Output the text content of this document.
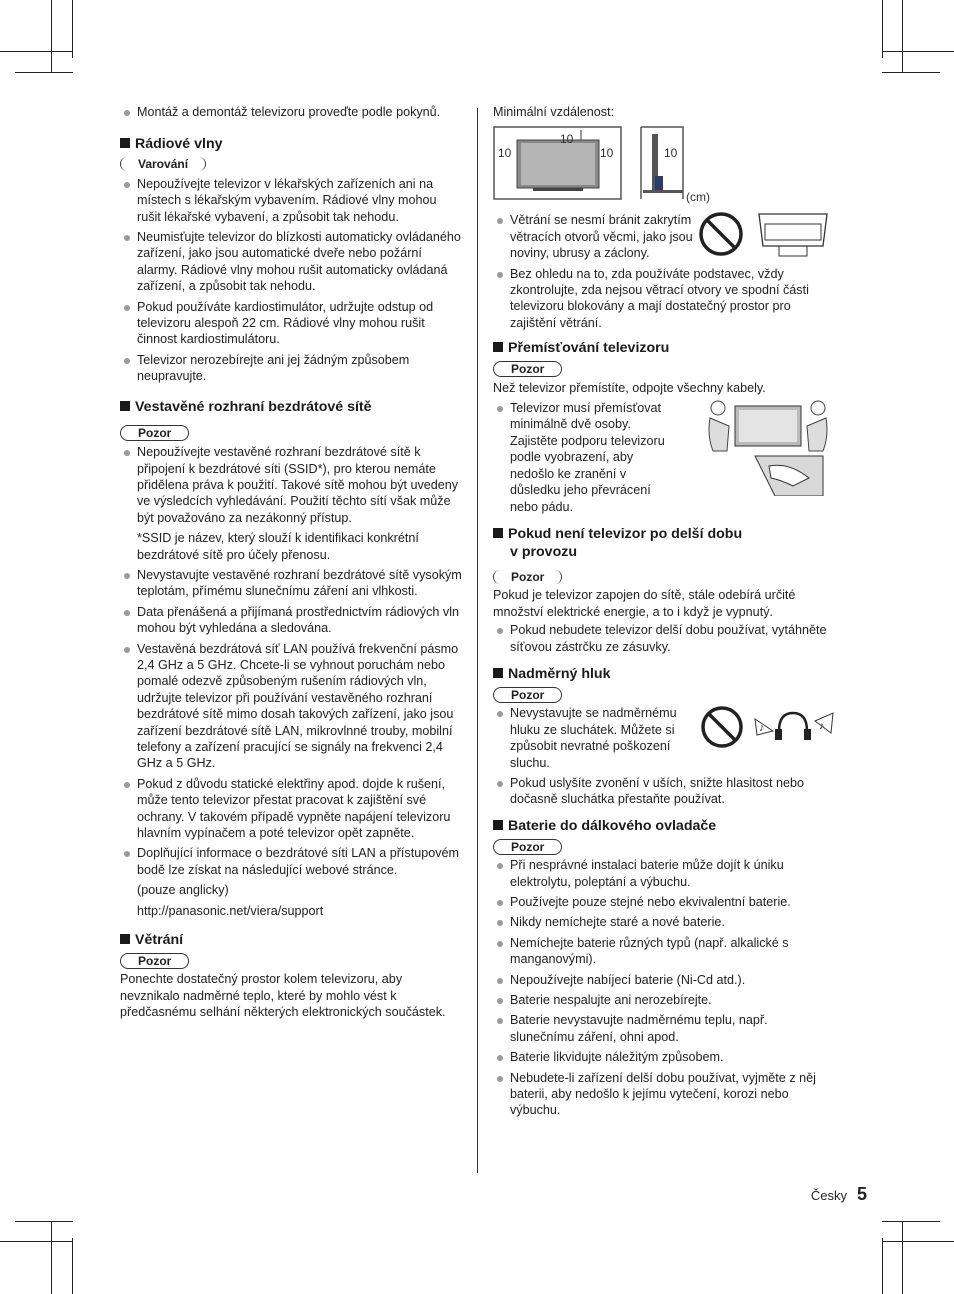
Montáž a demontáž televizoru proveďte podle pokynů.
Rádiové vlny
Varování
Nepoužívejte televizor v lékařských zařízeních ani na místech s lékařským vybavením. Rádiové vlny mohou rušit lékařské vybavení, a způsobit tak nehodu.
Neumisťujte televizor do blízkosti automaticky ovládaného zařízení, jako jsou automatické dveře nebo požární alarmy. Rádiové vlny mohou rušit automaticky ovládaná zařízení, a způsobit tak nehodu.
Pokud používáte kardiostimulátor, udržujte odstup od televizoru alespoň 22 cm. Rádiové vlny mohou rušit činnost kardiostimulátoru.
Televizor nerozebírejte ani jej žádným způsobem neupravujte.
Vestavěné rozhraní bezdrátové sítě
Pozor
Nepoužívejte vestavěné rozhraní bezdrátové sítě k připojení k bezdrátové síti (SSID*), pro kterou nemáte přidělena práva k použití. Takové sítě mohou být uvedeny ve výsledcích vyhledávání. Použití těchto sítí však může být považováno za nezákonný přístup.

*SSID je název, který slouží k identifikaci konkrétní bezdrátové sítě pro účely přenosu.

Nevystavujte vestavěné rozhraní bezdrátové sítě vysokým teplotám, přímému slunečnímu záření ani vlhkosti.
Data přenášená a přijímaná prostřednictvím rádiových vln mohou být vyhledána a sledována.
Vestavěná bezdrátová síť LAN používá frekvenční pásmo 2,4 GHz a 5 GHz. Chcete-li se vyhnout poruchám nebo pomalé odezvě způsobeným rušením rádiových vln, udržujte televizor při používání vestavěného rozhraní bezdrátové sítě mimo dosah takových zařízení, jako jsou zařízení bezdrátové sítě LAN, mikrovlnné trouby, mobilní telefony a zařízení pracující se signály na frekvenci 2,4 GHz a 5 GHz.
Pokud z důvodu statické elektřiny apod. dojde k rušení, může tento televizor přestat pracovat k zajištění své ochrany. V takovém případě vypněte napájení televizoru hlavním vypínačem a poté televizor opět zapněte.
Doplňující informace o bezdrátové síti LAN a přístupovém bodě lze získat na následující webové stránce.

(pouze anglicky)

http://panasonic.net/viera/support

Větrání
Pozor

Ponechte dostatečný prostor kolem televizoru, aby nevznikalo nadměrné teplo, které by mohlo vést k předčasnému selhání některých elektronických součástek.

Minimální vzdálenost:

10
10	10	10
(cm)
Větrání se nesmí bránit zakrytím větracích otvorů věcmi, jako jsou noviny, ubrusy a záclony.
Bez ohledu na to, zda používáte podstavec, vždy zkontrolujte, zda nejsou větrací otvory ve spodní části televizoru blokovány a mají dostatečný prostor pro zajištění větrání.
Přemísťování televizoru
Pozor

Než televizor přemístíte, odpojte všechny kabely.

Televizor musí přemísťovat minimálně dvě osoby. Zajistěte podporu televizoru podle vyobrazení, aby nedošlo ke zranění v důsledku jeho převrácení nebo pádu.
Pokud není televizor po delší dobu
v provozu
Pozor

Pokud je televizor zapojen do sítě, stále odebírá určité množství elektrické energie, a to i když je vypnutý.

Pokud nebudete televizor delší dobu používat, vytáhněte síťovou zástrčku ze zásuvky.
Nadměrný hluk
Pozor
Nevystavujte se nadměrnému hluku ze sluchátek. Můžete si způsobit nevratné poškození sluchu.
♪	♪
Pokud uslyšíte zvonění v uších, snižte hlasitost nebo dočasně sluchátka přestaňte používat.
Baterie do dálkového ovladače
Pozor
Při nesprávné instalaci baterie může dojít k úniku elektrolytu, poleptání a výbuchu.
Používejte pouze stejné nebo ekvivalentní baterie.
Nikdy nemíchejte staré a nové baterie.
Nemíchejte baterie různých typů (např. alkalické s manganovými).
Nepoužívejte nabíjecí baterie (Ni-Cd atd.).
Baterie nespalujte ani nerozebírejte.
Baterie nevystavujte nadměrnému teplu, např. slunečnímu záření, ohni apod.
Baterie likvidujte náležitým způsobem.
Nebudete-li zařízení delší dobu používat, vyjměte z něj baterii, aby nedošlo k jejímu vytečení, korozi nebo výbuchu.
Česky 5
